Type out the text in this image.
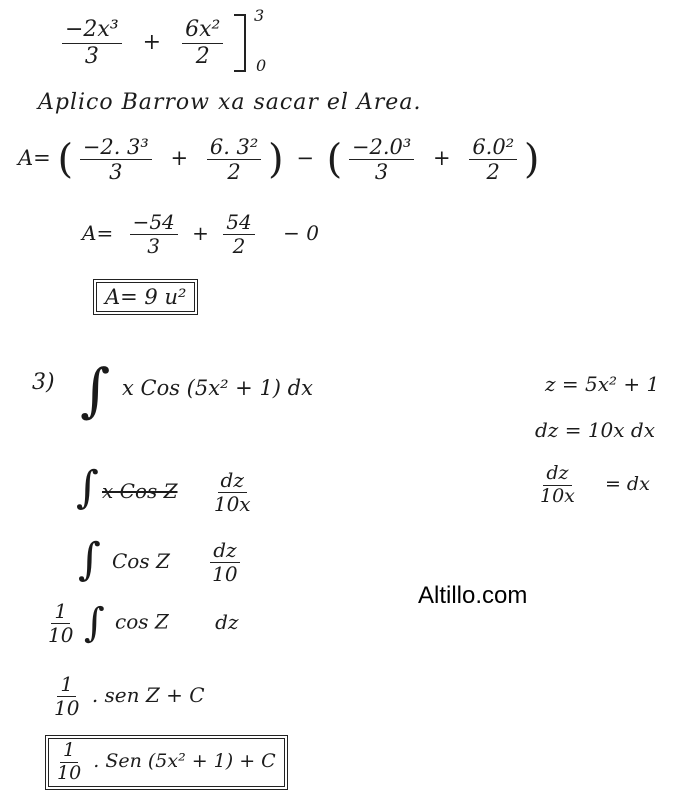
$\frac{\text{−2x³}}{3} + \frac{\text{6x²}}{2}$

3
0
Aplico Barrow xa sacar el Area.
A= ( $\frac{\text{−2. 3³}}{3} + \frac{\text{6. 3²}}{2}$ ) − ( $\frac{\text{−2.0³}}{3} + \frac{\text{6.0²}}{2}$ )
$A= \frac{-54}{3} + \frac{54}{2} - 0$
A= 9 u²
3) ∫ x Cos (5x² + 1) dx	z = 5x² + 1
dz = 10x dx
$\frac{dz}{10x}$ = dx
∫ x Cos Z $\frac{dz}{10x}$
∫ Cos Z $\frac{dz}{10}$
$\frac{1}{10}$ ∫ cos Z dz
$\frac{1}{10}$ . sen Z + C
$\frac{1}{10}$ . Sen (5x² + 1) + C
Altillo.com
